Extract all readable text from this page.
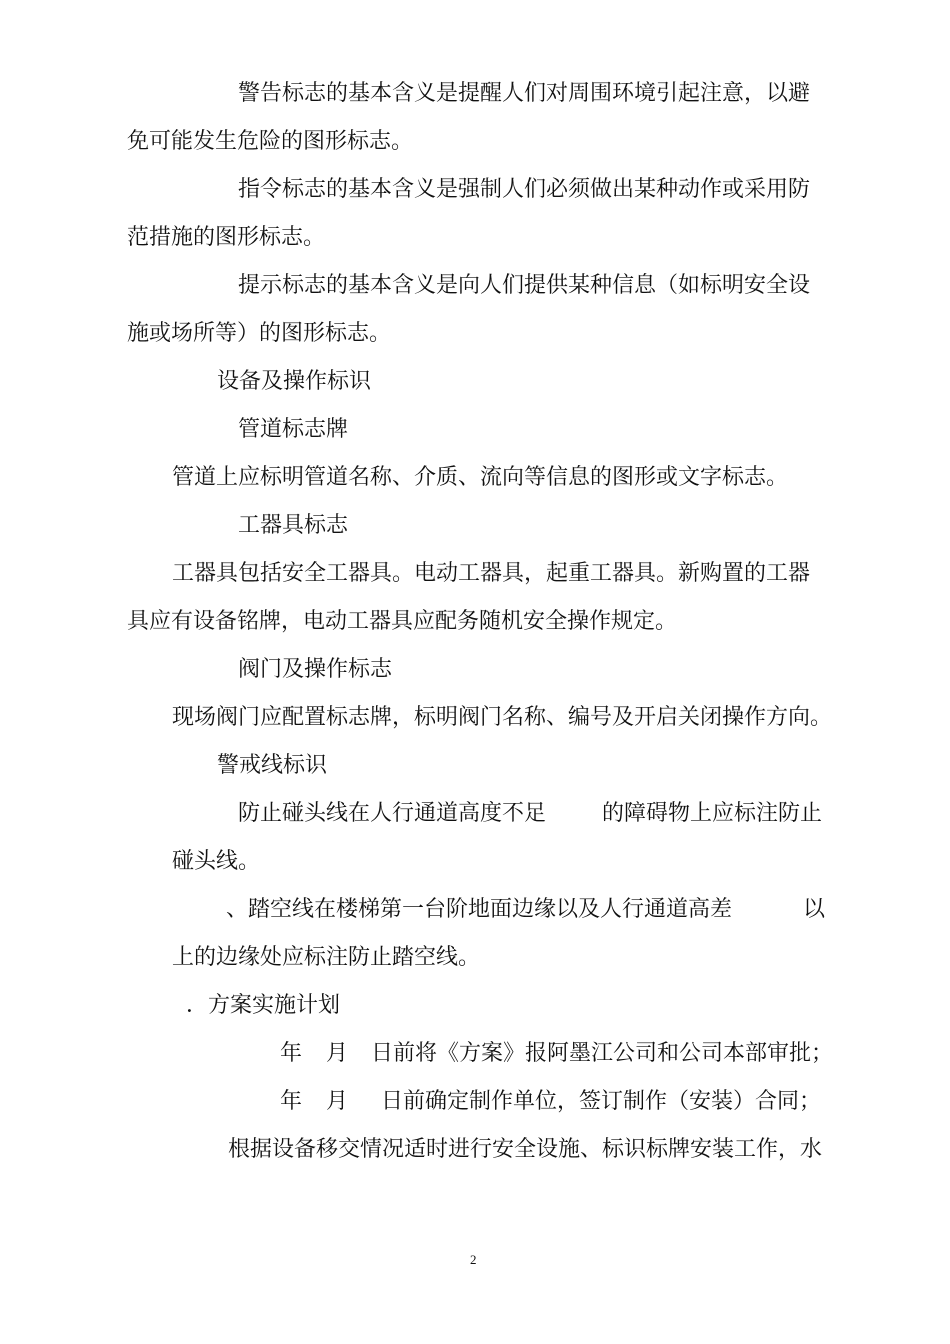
警告标志的基本含义是提醒人们对周围环境引起注意，以避
免可能发生危险的图形标志。
指令标志的基本含义是强制人们必须做出某种动作或采用防
范措施的图形标志。
提示标志的基本含义是向人们提供某种信息（如标明安全设
施或场所等）的图形标志。
设备及操作标识
管道标志牌
管道上应标明管道名称、介质、流向等信息的图形或文字标志。
工器具标志
工器具包括安全工器具。电动工器具，起重工器具。新购置的工器
具应有设备铭牌，电动工器具应配务随机安全操作规定。
阀门及操作标志
现场阀门应配置标志牌，标明阀门名称、编号及开启关闭操作方向。
警戒线标识
防止碰头线在人行通道高度不足	的障碍物上应标注防止
碰头线。
、踏空线在楼梯第一台阶地面边缘以及人行通道高差	以
上的边缘处应标注防止踏空线。
．方案实施计划
年 月 日前将《方案》报阿墨江公司和公司本部审批；
年 月 日前确定制作单位，签订制作（安装）合同；
根据设备移交情况适时进行安全设施、标识标牌安装工作，水
2
